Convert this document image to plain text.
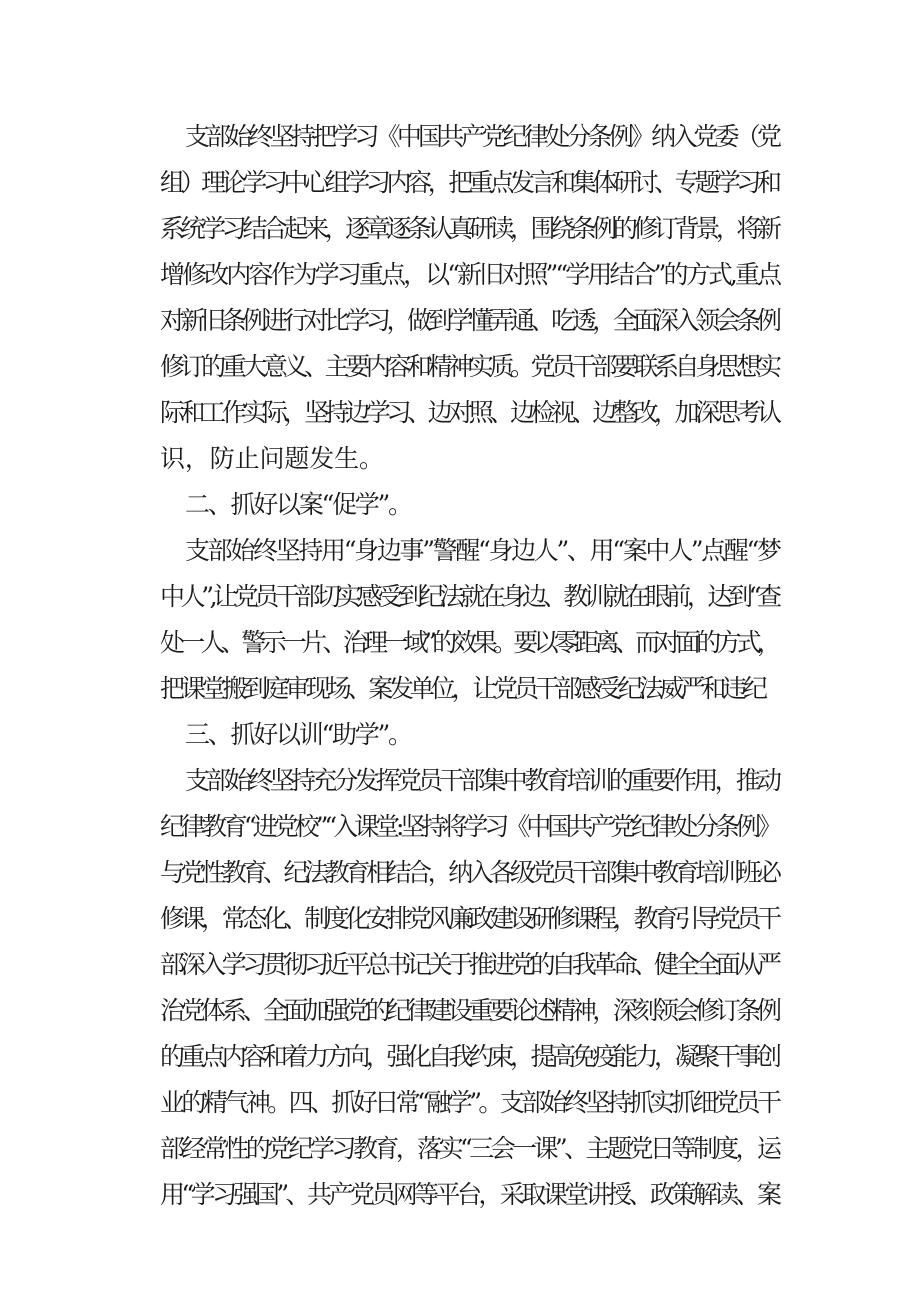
支部始终坚持把学习《中国共产党纪律处分条例》纳入党委（党
组）理论学习中心组学习内容，把重点发言和集体研讨、专题学习和
系统学习结合起来，逐章逐条认真研读，围绕条例的修订背景，将新
增修改内容作为学习重点，以“新旧对照”“学用结合”的方式,重点
对新旧条例进行对比学习，做到学懂弄通、吃透，全面深入领会条例
修订的重大意义、主要内容和精神实质。党员干部要联系自身思想实
际和工作实际，坚持边学习、边对照、边检视、边整改，加深思考认
识，防止问题发生。
二、抓好以案“促学”。
支部始终坚持用“身边事”警醒“身边人”、用“案中人”点醒“梦
中人”,让党员干部切实感受到纪法就在身边、教训就在眼前，达到“查
处一人、警示一片、治理一域”的效果。要以零距离、而对面的方式，
把课堂搬到庭审现场、案发单位，让党员干部感受纪法威严和违纪
三、抓好以训“助学”。
支部始终坚持充分发挥党员干部集中教育培训的重要作用，推动
纪律教育“进党校”“入课堂:坚持将学习《中国共产党纪律处分条例》
与党性教育、纪法教育相结合，纳入各级党员干部集中教育培训班必
修课，常态化、制度化安排党风廉政建设研修课程，教育引导党员干
部深入学习贯彻习近平总书记关于推进党的自我革命、健全全面从严
治党体系、全面加强党的纪律建设重要论述精神，深刻领会修订条例
的重点内容和着力方向，强化自我约束，提高免疫能力，凝聚干事创
业的精气神。四、抓好日常“融学”。支部始终坚持抓实抓细党员干
部经常性的党纪学习教育，落实“三会一课”、主题党日等制度，运
用“学习强国”、共产党员网等平台，采取课堂讲授、政策解读、案
